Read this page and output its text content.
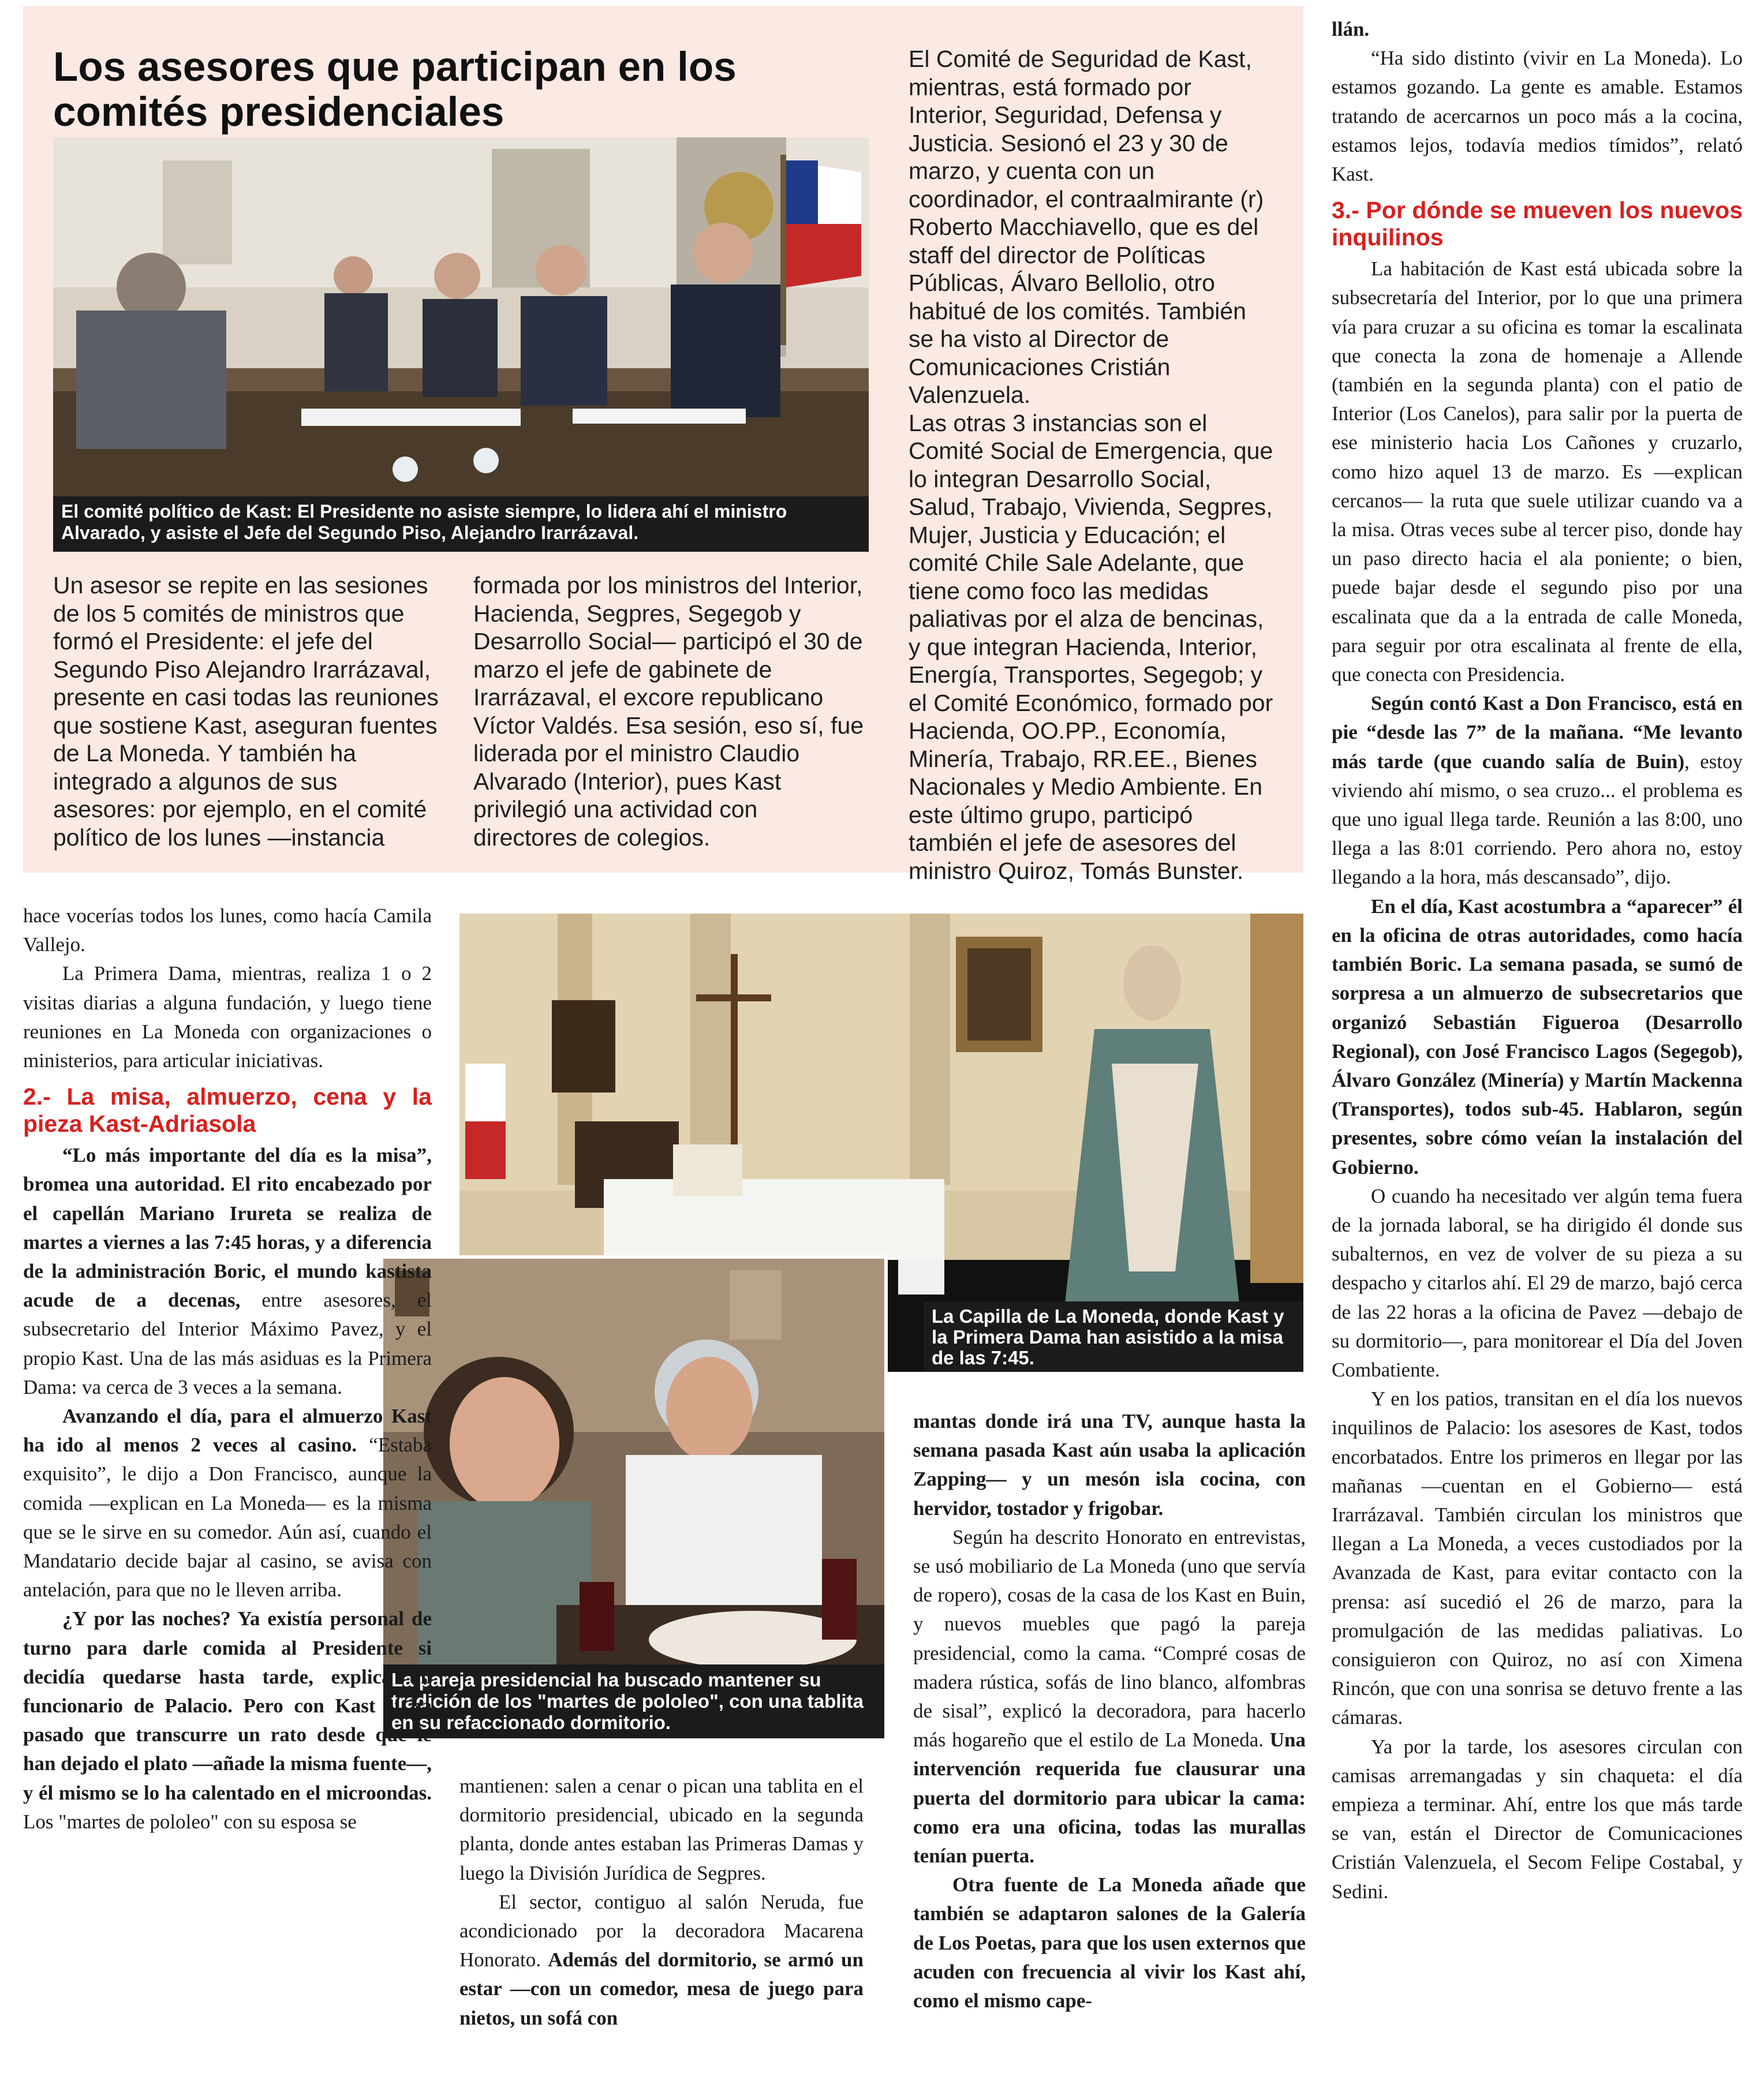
Los asesores que participan en los comités presidenciales
El comité político de Kast: El Presidente no asiste siempre, lo lidera ahí el ministro Alvarado, y asiste el Jefe del Segundo Piso, Alejandro Irarrázaval.

Un asesor se repite en las sesiones de los 5 comités de ministros que formó el Presidente: el jefe del Segundo Piso Alejandro Irarrázaval, presente en casi todas las reuniones que sostiene Kast, aseguran fuentes de La Moneda. Y también ha integrado a algunos de sus asesores: por ejemplo, en el comité político de los lunes —instancia

formada por los ministros del Interior, Hacienda, Segpres, Segegob y Desarrollo Social— participó el 30 de marzo el jefe de gabinete de Irarrázaval, el excore republicano Víctor Valdés. Esa sesión, eso sí, fue liderada por el ministro Claudio Alvarado (Interior), pues Kast privilegió una actividad con directores de colegios.

El Comité de Seguridad de Kast, mientras, está formado por Interior, Seguridad, Defensa y Justicia. Sesionó el 23 y 30 de marzo, y cuenta con un coordinador, el contraalmirante (r) Roberto Macchiavello, que es del staff del director de Políticas Públicas, Álvaro Bellolio, otro habitué de los comités. También se ha visto al Director de Comunicaciones Cristián Valenzuela.

Las otras 3 instancias son el Comité Social de Emergencia, que lo integran Desarrollo Social, Salud, Trabajo, Vivienda, Segpres, Mujer, Justicia y Educación; el comité Chile Sale Adelante, que tiene como foco las medidas paliativas por el alza de bencinas, y que integran Hacienda, Interior, Energía, Transportes, Segegob; y el Comité Económico, formado por Hacienda, OO.PP., Economía, Minería, Trabajo, RR.EE., Bienes Nacionales y Medio Ambiente. En este último grupo, participó también el jefe de asesores del ministro Quiroz, Tomás Bunster.

La Capilla de La Moneda, donde Kast y la Primera Dama han asistido a la misa de las 7:45.
La pareja presidencial ha buscado mantener su tradición de los "martes de pololeo", con una tablita en su refaccionado dormitorio.

hace vocerías todos los lunes, como hacía Camila Vallejo.

La Primera Dama, mientras, realiza 1 o 2 visitas diarias a alguna fundación, y luego tiene reuniones en La Moneda con organizaciones o ministerios, para articular iniciativas.

2.- La misa, almuerzo, cena y la pieza Kast-Adriasola

“Lo más importante del día es la misa”, bromea una autoridad. El rito encabezado por el capellán Mariano Irureta se realiza de martes a viernes a las 7:45 horas, y a diferencia de la administración Boric, el mundo kastista acude de a decenas, entre asesores, el subsecretario del Interior Máximo Pavez, y el propio Kast. Una de las más asiduas es la Primera Dama: va cerca de 3 veces a la semana.

Avanzando el día, para el almuerzo Kast ha ido al menos 2 veces al casino. “Estaba exquisito”, le dijo a Don Francisco, aunque la comida —explican en La Moneda— es la misma que se le sirve en su comedor. Aún así, cuando el Mandatario decide bajar al casino, se avisa con antelación, para que no le lleven arriba.

¿Y por las noches? Ya existía personal de turno para darle comida al Presidente si decidía quedarse hasta tarde, explica un funcionario de Palacio. Pero con Kast sí ha pasado que transcurre un rato desde que le han dejado el plato —añade la misma fuente—, y él mismo se lo ha calentado en el microondas. Los "martes de pololeo" con su esposa se

mantienen: salen a cenar o pican una tablita en el dormitorio presidencial, ubicado en la segunda planta, donde antes estaban las Primeras Damas y luego la División Jurídica de Segpres.

El sector, contiguo al salón Neruda, fue acondicionado por la decoradora Macarena Honorato. Además del dormitorio, se armó un estar —con un comedor, mesa de juego para nietos, un sofá con

mantas donde irá una TV, aunque hasta la semana pasada Kast aún usaba la aplicación Zapping— y un mesón isla cocina, con hervidor, tostador y frigobar.

Según ha descrito Honorato en entrevistas, se usó mobiliario de La Moneda (uno que servía de ropero), cosas de la casa de los Kast en Buin, y nuevos muebles que pagó la pareja presidencial, como la cama. “Compré cosas de madera rústica, sofás de lino blanco, alfombras de sisal”, explicó la decoradora, para hacerlo más hogareño que el estilo de La Moneda. Una intervención requerida fue clausurar una puerta del dormitorio para ubicar la cama: como era una oficina, todas las murallas tenían puerta.

Otra fuente de La Moneda añade que también se adaptaron salones de la Galería de Los Poetas, para que los usen externos que acuden con frecuencia al vivir los Kast ahí, como el mismo cape-

llán.

“Ha sido distinto (vivir en La Moneda). Lo estamos gozando. La gente es amable. Estamos tratando de acercarnos un poco más a la cocina, estamos lejos, todavía medios tímidos”, relató Kast.

3.- Por dónde se mueven los nuevos inquilinos

La habitación de Kast está ubicada sobre la subsecretaría del Interior, por lo que una primera vía para cruzar a su oficina es tomar la escalinata que conecta la zona de homenaje a Allende (también en la segunda planta) con el patio de Interior (Los Canelos), para salir por la puerta de ese ministerio hacia Los Cañones y cruzarlo, como hizo aquel 13 de marzo. Es —explican cercanos— la ruta que suele utilizar cuando va a la misa. Otras veces sube al tercer piso, donde hay un paso directo hacia el ala poniente; o bien, puede bajar desde el segundo piso por una escalinata que da a la entrada de calle Moneda, para seguir por otra escalinata al frente de ella, que conecta con Presidencia.

Según contó Kast a Don Francisco, está en pie “desde las 7” de la mañana. “Me levanto más tarde (que cuando salía de Buin), estoy viviendo ahí mismo, o sea cruzo... el problema es que uno igual llega tarde. Reunión a las 8:00, uno llega a las 8:01 corriendo. Pero ahora no, estoy llegando a la hora, más descansado”, dijo.

En el día, Kast acostumbra a “aparecer” él en la oficina de otras autoridades, como hacía también Boric. La semana pasada, se sumó de sorpresa a un almuerzo de subsecretarios que organizó Sebastián Figueroa (Desarrollo Regional), con José Francisco Lagos (Segegob), Álvaro González (Minería) y Martín Mackenna (Transportes), todos sub-45. Hablaron, según presentes, sobre cómo veían la instalación del Gobierno.

O cuando ha necesitado ver algún tema fuera de la jornada laboral, se ha dirigido él donde sus subalternos, en vez de volver de su pieza a su despacho y citarlos ahí. El 29 de marzo, bajó cerca de las 22 horas a la oficina de Pavez —debajo de su dormitorio—, para monitorear el Día del Joven Combatiente.

Y en los patios, transitan en el día los nuevos inquilinos de Palacio: los asesores de Kast, todos encorbatados. Entre los primeros en llegar por las mañanas —cuentan en el Gobierno— está Irarrázaval. También circulan los ministros que llegan a La Moneda, a veces custodiados por la Avanzada de Kast, para evitar contacto con la prensa: así sucedió el 26 de marzo, para la promulgación de las medidas paliativas. Lo consiguieron con Quiroz, no así con Ximena Rincón, que con una sonrisa se detuvo frente a las cámaras.

Ya por la tarde, los asesores circulan con camisas arremangadas y sin chaqueta: el día empieza a terminar. Ahí, entre los que más tarde se van, están el Director de Comunicaciones Cristián Valenzuela, el Secom Felipe Costabal, y Sedini.
